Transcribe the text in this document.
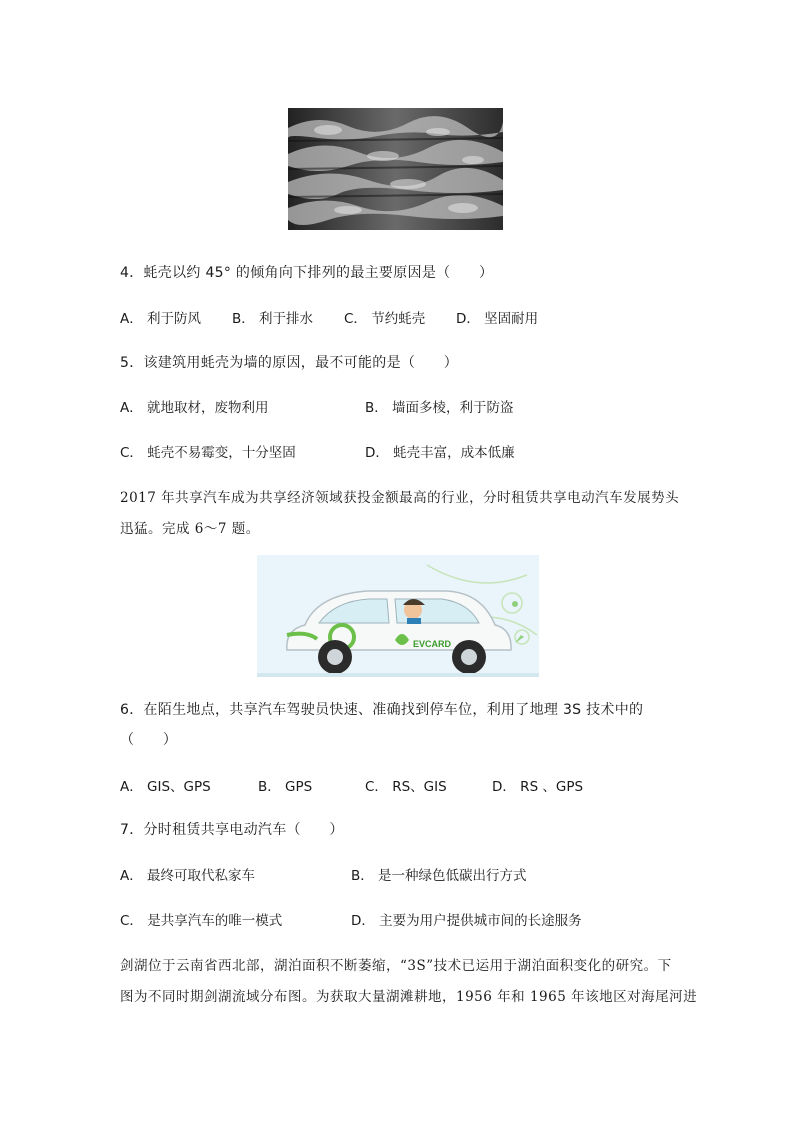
4．蚝壳以约 45° 的倾角向下排列的最主要原因是（　　）
A． 利于防风 B． 利于排水 C． 节约蚝壳 D． 坚固耐用
5．该建筑用蚝壳为墙的原因，最不可能的是（　　）
A． 就地取材，废物利用	B． 墙面多棱，利于防盗
C． 蚝壳不易霉变，十分坚固	D． 蚝壳丰富，成本低廉
2017 年共享汽车成为共享经济领域获投金额最高的行业，分时租赁共享电动汽车发展势头
迅猛。完成 6～7 题。
EVCARD
6．在陌生地点，共享汽车驾驶员快速、准确找到停车位，利用了地理 3S 技术中的
（　　）
A． GIS、GPS	B． GPS	C． RS、GIS	D． RS 、GPS
7．分时租赁共享电动汽车（　　）
A． 最终可取代私家车	B． 是一种绿色低碳出行方式
C． 是共享汽车的唯一模式	D． 主要为用户提供城市间的长途服务
剑湖位于云南省西北部，湖泊面积不断萎缩，“3S”技术已运用于湖泊面积变化的研究。下
图为不同时期剑湖流域分布图。为获取大量湖滩耕地，1956 年和 1965 年该地区对海尾河进
